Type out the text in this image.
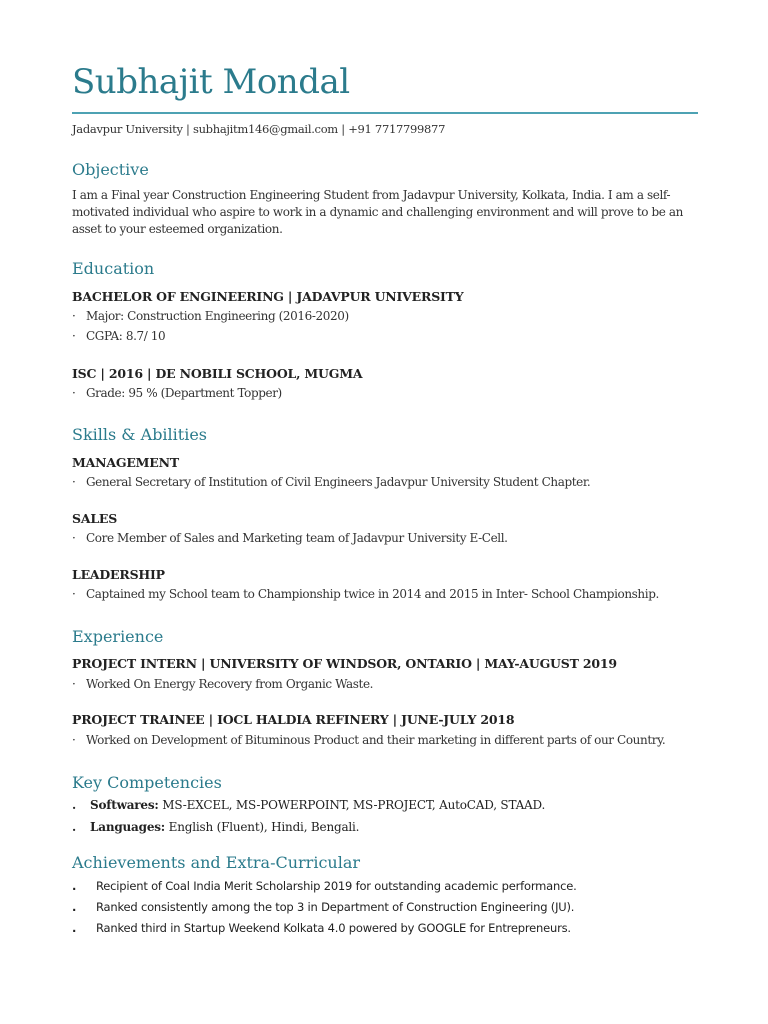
Subhajit Mondal
Jadavpur University | subhajitm146@gmail.com | +91 7717799877
Objective
I am a Final year Construction Engineering Student from Jadavpur University, Kolkata, India. I am a self-motivated individual who aspire to work in a dynamic and challenging environment and will prove to be an asset to your esteemed organization.
Education
BACHELOR OF ENGINEERING | JADAVPUR UNIVERSITY
· Major: Construction Engineering (2016-2020)
· CGPA: 8.7/ 10
ISC | 2016 | DE NOBILI SCHOOL, MUGMA
· Grade: 95 % (Department Topper)
Skills & Abilities
MANAGEMENT
· General Secretary of Institution of Civil Engineers Jadavpur University Student Chapter.
SALES
· Core Member of Sales and Marketing team of Jadavpur University E-Cell.
LEADERSHIP
· Captained my School team to Championship twice in 2014 and 2015 in Inter- School Championship.
Experience
PROJECT INTERN | UNIVERSITY OF WINDSOR, ONTARIO | MAY-AUGUST 2019
· Worked On Energy Recovery from Organic Waste.
PROJECT TRAINEE | IOCL HALDIA REFINERY | JUNE-JULY 2018
· Worked on Development of Bituminous Product and their marketing in different parts of our Country.
Key Competencies
. Softwares: MS-EXCEL, MS-POWERPOINT, MS-PROJECT, AutoCAD, STAAD.
. Languages: English (Fluent), Hindi, Bengali.
Achievements and Extra-Curricular
. Recipient of Coal India Merit Scholarship 2019 for outstanding academic performance.
. Ranked consistently among the top 3 in Department of Construction Engineering (JU).
. Ranked third in Startup Weekend Kolkata 4.0 powered by GOOGLE for Entrepreneurs.
